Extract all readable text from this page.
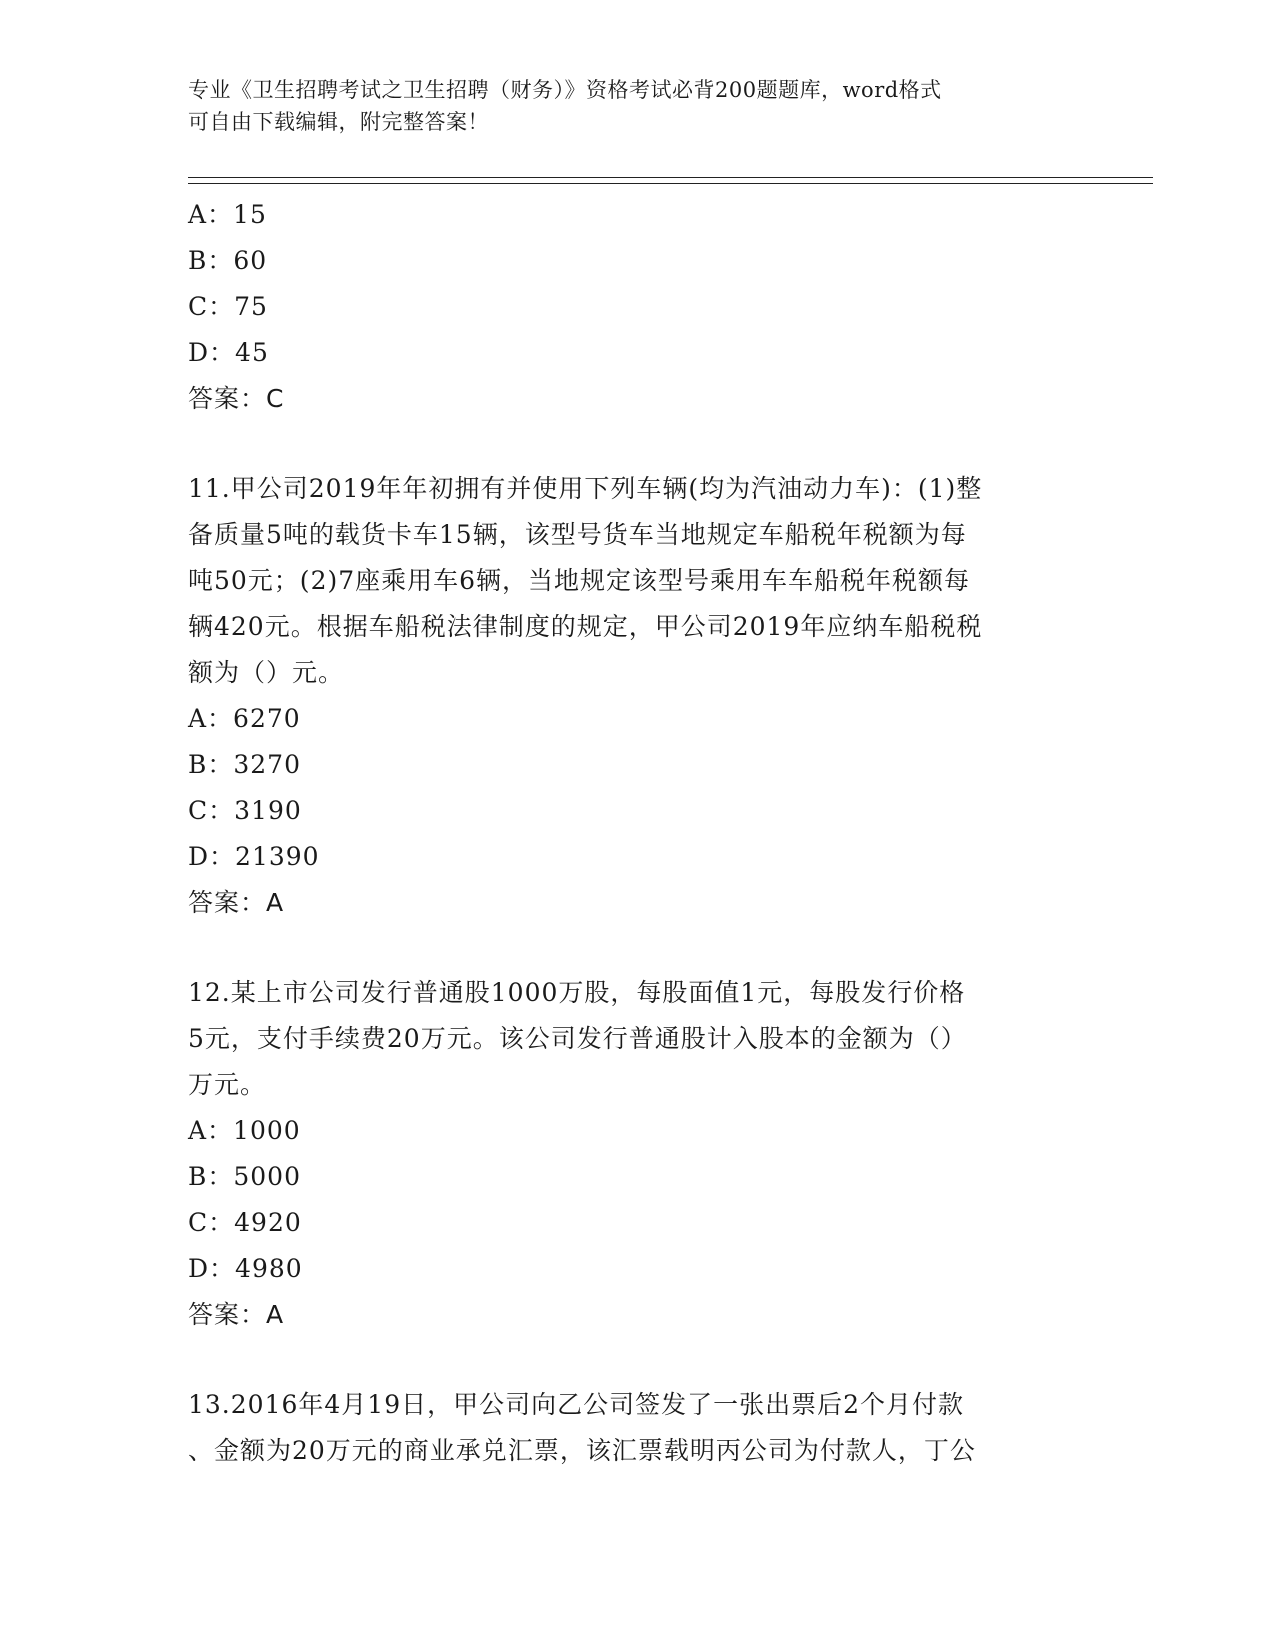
专业《卫生招聘考试之卫生招聘（财务）》资格考试必背200题题库，word格式
可自由下载编辑，附完整答案！
A：15
B：60
C：75
D：45
答案：C
11.甲公司2019年年初拥有并使用下列车辆(均为汽油动力车)：(1)整
备质量5吨的载货卡车15辆，该型号货车当地规定车船税年税额为每
吨50元；(2)7座乘用车6辆，当地规定该型号乘用车车船税年税额每
辆420元。根据车船税法律制度的规定，甲公司2019年应纳车船税税
额为（）元。
A：6270
B：3270
C：3190
D：21390
答案：A
12.某上市公司发行普通股1000万股，每股面值1元，每股发行价格
5元，支付手续费20万元。该公司发行普通股计入股本的金额为（）
万元。
A：1000
B：5000
C：4920
D：4980
答案：A
13.2016年4月19日，甲公司向乙公司签发了一张出票后2个月付款
、金额为20万元的商业承兑汇票，该汇票载明丙公司为付款人，丁公
